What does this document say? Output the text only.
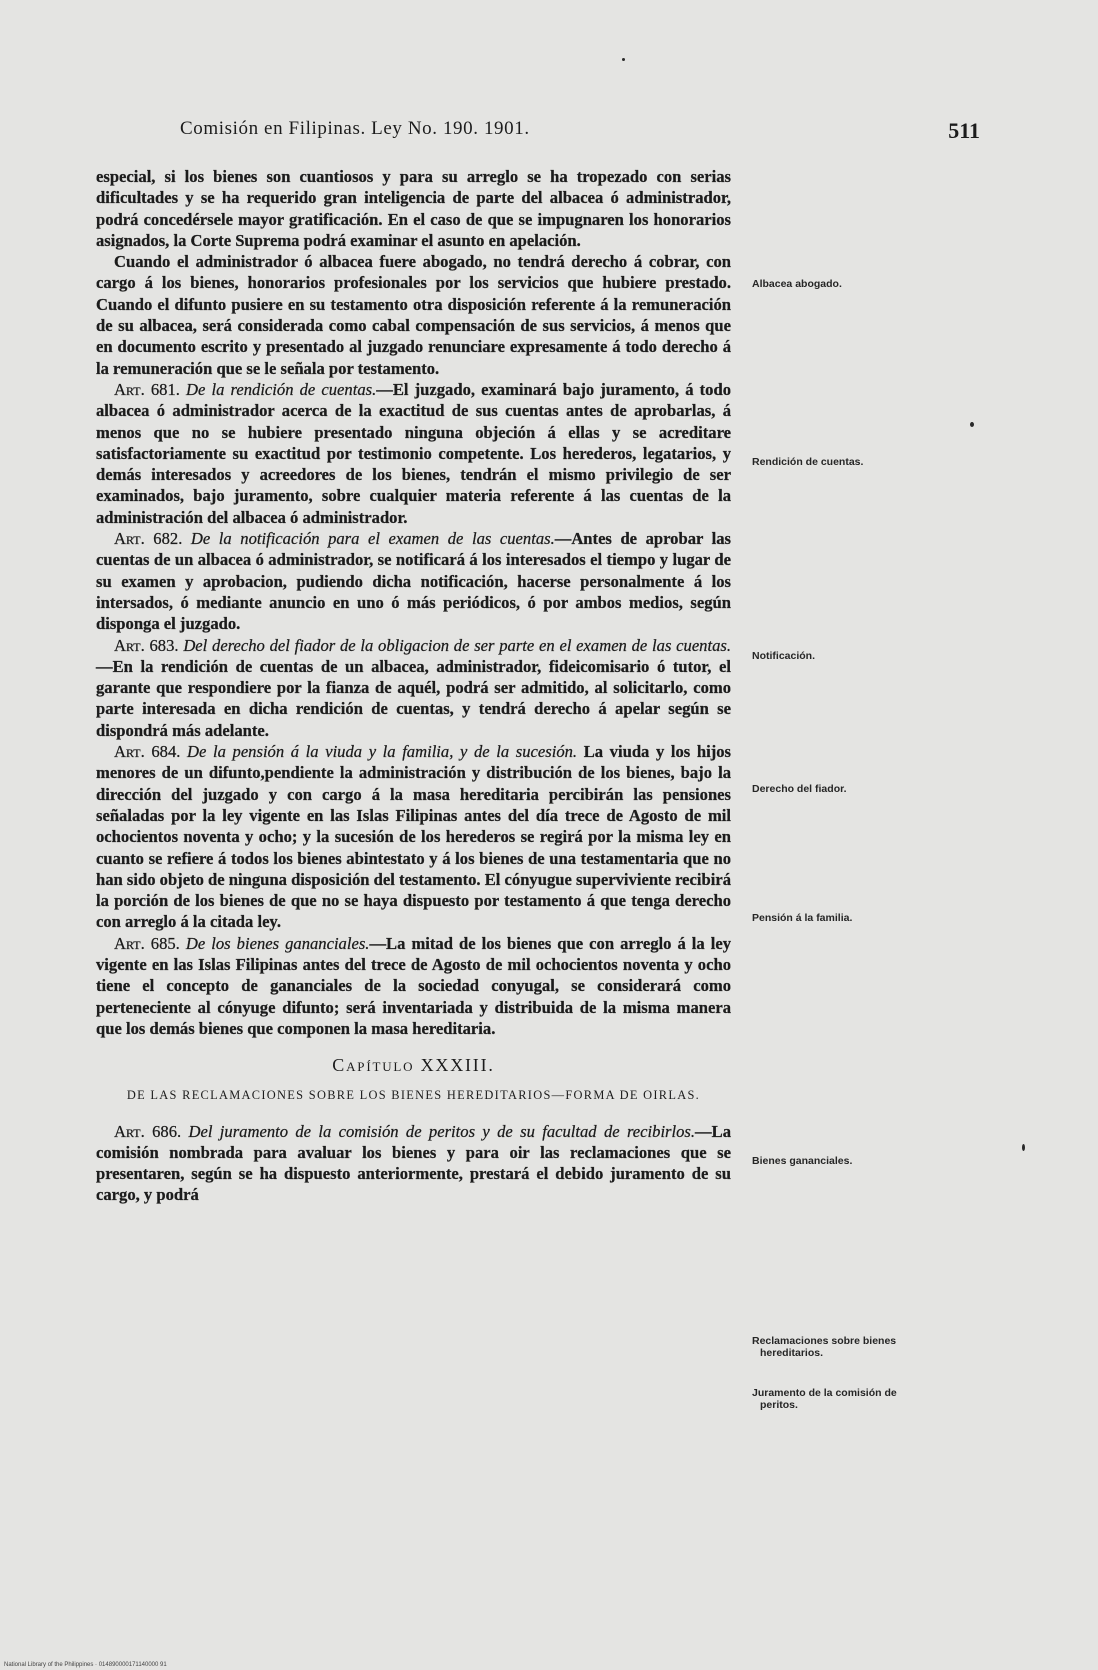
Comisión en Filipinas. Ley No. 190. 1901.	511

especial, si los bienes son cuantiosos y para su arreglo se ha tropezado con serias dificultades y se ha requerido gran inteligencia de parte del albacea ó administrador, podrá concedérsele mayor gratificación. En el caso de que se impugnaren los honorarios asignados, la Corte Suprema podrá examinar el asunto en apelación.

Cuando el administrador ó albacea fuere abogado, no tendrá derecho á cobrar, con cargo á los bienes, honorarios profesionales por los servicios que hubiere prestado. Cuando el difunto pusiere en su testamento otra disposición referente á la remuneración de su albacea, será considerada como cabal compensación de sus servicios, á menos que en documento escrito y presentado al juzgado renunciare expresamente á todo derecho á la remuneración que se le señala por testamento.

Art. 681. De la rendición de cuentas.—El juzgado, examinará bajo juramento, á todo albacea ó administrador acerca de la exactitud de sus cuentas antes de aprobarlas, á menos que no se hubiere presentado ninguna objeción á ellas y se acreditare satisfactoriamente su exactitud por testimonio competente. Los herederos, legatarios, y demás interesados y acreedores de los bienes, tendrán el mismo privilegio de ser examinados, bajo juramento, sobre cualquier materia referente á las cuentas de la administración del albacea ó administrador.

Art. 682. De la notificación para el examen de las cuentas.—Antes de aprobar las cuentas de un albacea ó administrador, se notificará á los interesados el tiempo y lugar de su examen y aprobacion, pudiendo dicha notificación, hacerse personalmente á los intersados, ó mediante anuncio en uno ó más periódicos, ó por ambos medios, según disponga el juzgado.

Art. 683. Del derecho del fiador de la obligacion de ser parte en el examen de las cuentas.—En la rendición de cuentas de un albacea, administrador, fideicomisario ó tutor, el garante que respondiere por la fianza de aquél, podrá ser admitido, al solicitarlo, como parte interesada en dicha rendición de cuentas, y tendrá derecho á apelar según se dispondrá más adelante.

Art. 684. De la pensión á la viuda y la familia, y de la sucesión. La viuda y los hijos menores de un difunto,pendiente la administración y distribución de los bienes, bajo la dirección del juzgado y con cargo á la masa hereditaria percibirán las pensiones señaladas por la ley vigente en las Islas Filipinas antes del día trece de Agosto de mil ochocientos noventa y ocho; y la sucesión de los herederos se regirá por la misma ley en cuanto se refiere á todos los bienes abintestato y á los bienes de una testamentaria que no han sido objeto de ninguna disposición del testamento. El cónyugue superviviente recibirá la porción de los bienes de que no se haya dispuesto por testamento á que tenga derecho con arreglo á la citada ley.

Art. 685. De los bienes gananciales.—La mitad de los bienes que con arreglo á la ley vigente en las Islas Filipinas antes del trece de Agosto de mil ochocientos noventa y ocho tiene el concepto de gananciales de la sociedad conyugal, se considerará como perteneciente al cónyuge difunto; será inventariada y distribuida de la misma manera que los demás bienes que componen la masa hereditaria.

Capítulo XXXIII.
DE LAS RECLAMACIONES SOBRE LOS BIENES HEREDITARIOS—FORMA DE OIRLAS.

Art. 686. Del juramento de la comisión de peritos y de su facultad de recibirlos.—La comisión nombrada para avaluar los bienes y para oir las reclamaciones que se presentaren, según se ha dispuesto anteriormente, prestará el debido juramento de su cargo, y podrá

Albacea abogado.
Rendición de cuentas.
Notificación.
Derecho del fiador.
Pensión á la familia.
Bienes gananciales.
Reclamaciones sobre bienes hereditarios.
Juramento de la comisión de peritos.
National Library of the Philippines · 014890000171140000 91
